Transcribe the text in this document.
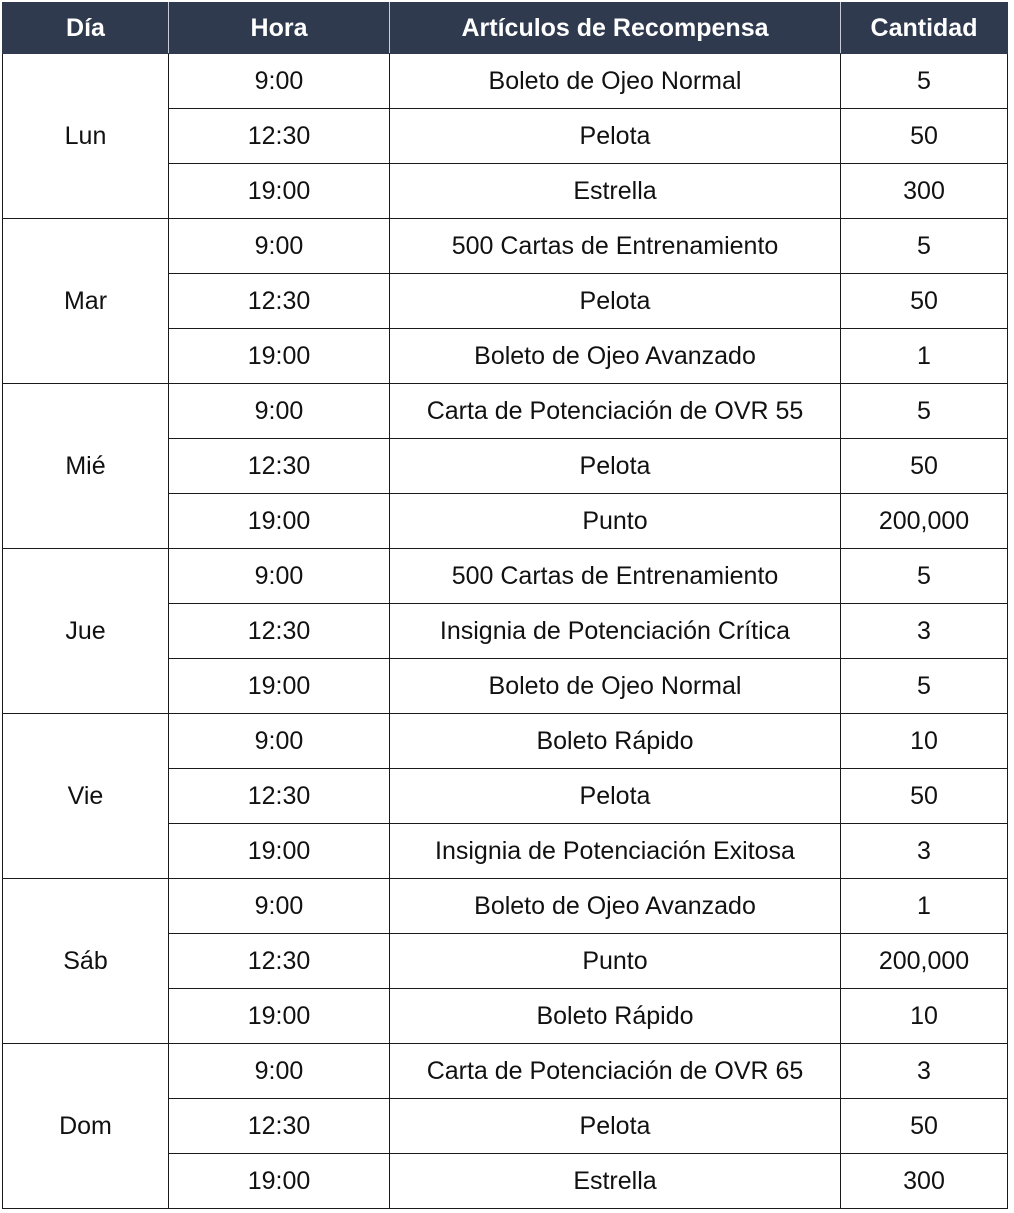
Día	Hora	Artículos de Recompensa	Cantidad
Lun	9:00	Boleto de Ojeo Normal	5
	12:30	Pelota	50
	19:00	Estrella	300
Mar	9:00	500 Cartas de Entrenamiento	5
	12:30	Pelota	50
	19:00	Boleto de Ojeo Avanzado	1
Mié	9:00	Carta de Potenciación de OVR 55	5
	12:30	Pelota	50
	19:00	Punto	200,000
Jue	9:00	500 Cartas de Entrenamiento	5
	12:30	Insignia de Potenciación Crítica	3
	19:00	Boleto de Ojeo Normal	5
Vie	9:00	Boleto Rápido	10
	12:30	Pelota	50
	19:00	Insignia de Potenciación Exitosa	3
Sáb	9:00	Boleto de Ojeo Avanzado	1
	12:30	Punto	200,000
	19:00	Boleto Rápido	10
Dom	9:00	Carta de Potenciación de OVR 65	3
	12:30	Pelota	50
	19:00	Estrella	300
